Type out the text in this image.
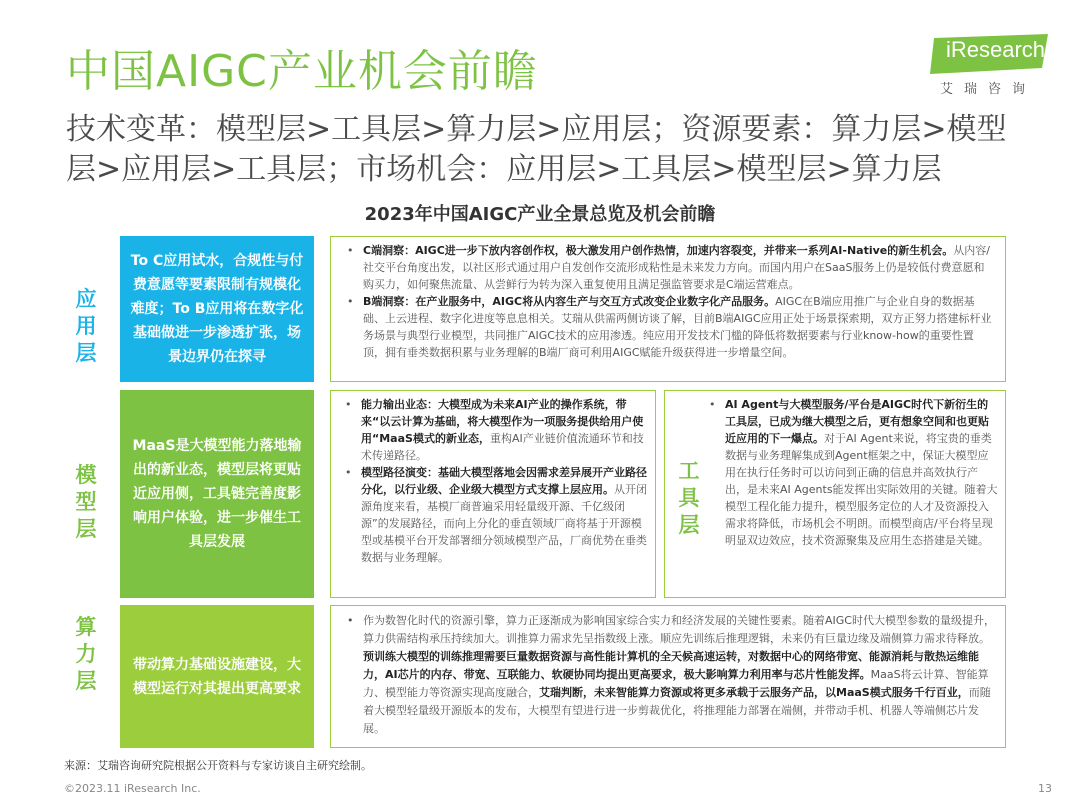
中国AIGC产业机会前瞻

技术变革：模型层>工具层>算力层>应用层；资源要素：算力层>模型层>应用层>工具层；市场机会：应用层>工具层>模型层>算力层

iResearch
艾瑞咨询
2023年中国AIGC产业全景总览及机会前瞻
应用层
To C应用试水，合规性与付费意愿等要素限制有规模化难度；To B应用将在数字化基础做进一步渗透扩张，场景边界仍在探寻
• C端洞察：AIGC进一步下放内容创作权，极大激发用户创作热情，加速内容裂变，并带来一系列AI-Native的新生机会。从内容/社交平台角度出发，以社区形式通过用户自发创作交流形成粘性是未来发力方向。而国内用户在SaaS服务上仍是较低付费意愿和购买力，如何聚焦流量、从尝鲜行为转为深入重复使用且满足强监管要求是C端运营难点。
• B端洞察：在产业服务中，AIGC将从内容生产与交互方式改变企业数字化产品服务。AIGC在B端应用推广与企业自身的数据基础、上云进程、数字化进度等息息相关。艾瑞从供需两侧访谈了解，目前B端AIGC应用正处于场景探索期，双方正努力搭建标杆业务场景与典型行业模型，共同推广AIGC技术的应用渗透。纯应用开发技术门槛的降低将数据要素与行业know-how的重要性置顶，拥有垂类数据积累与业务理解的B端厂商可利用AIGC赋能升级获得进一步增量空间。
模型层
MaaS是大模型能力落地输出的新业态，模型层将更贴近应用侧，工具链完善度影响用户体验，进一步催生工具层发展
• 能力输出业态：大模型成为未来AI产业的操作系统，带来“以云计算为基础，将大模型作为一项服务提供给用户使用“MaaS模式的新业态，重构AI产业链价值流通环节和技术传递路径。
• 模型路径演变：基础大模型落地会因需求差异展开产业路径分化，以行业级、企业级大模型方式支撑上层应用。从开闭源角度来看，基模厂商普遍采用轻量级开源、千亿级闭源”的发展路径，而向上分化的垂直领域厂商将基于开源模型或基模平台开发部署细分领域模型产品，厂商优势在垂类数据与业务理解。
工具层
• AI Agent与大模型服务/平台是AIGC时代下新衍生的工具层，已成为继大模型之后，更有想象空间和也更贴近应用的下一爆点。对于AI Agent来说，将宝贵的垂类数据与业务理解集成到Agent框架之中，保证大模型应用在执行任务时可以访问到正确的信息并高效执行产出，是未来AI Agents能发挥出实际效用的关键。随着大模型工程化能力提升，模型服务定位的人才及资源投入需求将降低，市场机会不明朗。而模型商店/平台将呈现明显双边效应，技术资源聚集及应用生态搭建是关键。
算力层
带动算力基础设施建设，大模型运行对其提出更高要求
• 作为数智化时代的资源引擎，算力正逐渐成为影响国家综合实力和经济发展的关键性要素。随着AIGC时代大模型参数的量级提升，算力供需结构承压持续加大。训推算力需求先呈指数级上涨。顺应先训练后推理逻辑，未来仍有巨量边缘及端侧算力需求待释放。预训练大模型的训练推理需要巨量数据资源与高性能计算机的全天候高速运转，对数据中心的网络带宽、能源消耗与散热运维能力，AI芯片的内存、带宽、互联能力、软硬协同均提出更高要求，极大影响算力利用率与芯片性能发挥。MaaS将云计算、智能算力、模型能力等资源实现高度融合，艾瑞判断，未来智能算力资源或将更多承载于云服务产品，以MaaS模式服务千行百业，而随着大模型轻量级开源版本的发布，大模型有望进行进一步剪裁优化，将推理能力部署在端侧，并带动手机、机器人等端侧芯片发展。

来源：艾瑞咨询研究院根据公开资料与专家访谈自主研究绘制。

©2023.11 iResearch Inc.	13
